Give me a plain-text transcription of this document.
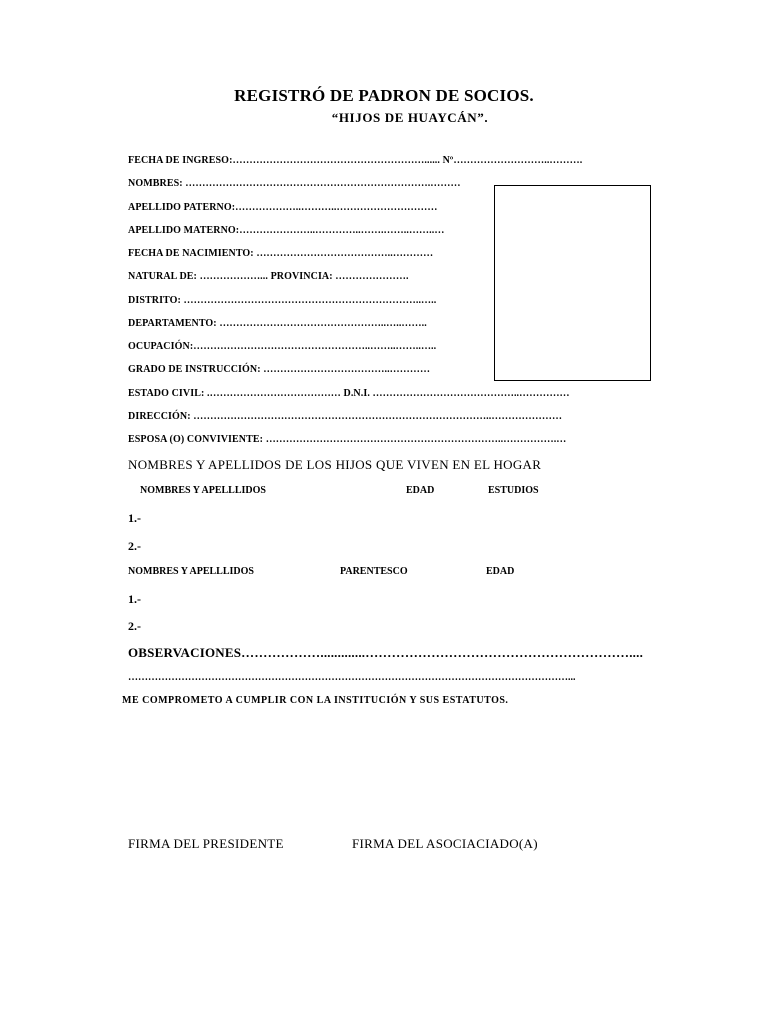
REGISTRÓ DE PADRON DE SOCIOS.
“HIJOS DE HUAYCÁN”.
FECHA DE INGRESO:…………………………………………………...... Nº………………………..……….
NOMBRES: ……………………………………………………………….………
APELLIDO PATERNO:………………..………..…………………………
APELLIDO MATERNO:…………………..…………..…….……..……..…
FECHA DE NACIMIENTO: …………………………………..…………
NATURAL DE: ………………... PROVINCIA: ………………….
DISTRITO: ……………………………………………………………..…..
DEPARTAMENTO: …………………………………………..…..……..
OCUPACIÓN:……………………………………………..……..……..…..
GRADO DE INSTRUCCIÓN: ………………………………..…………
ESTADO CIVIL: .………………………………… D.N.I. ……………………………………..……………
DIRECCIÓN: ……………………………………………………………………………..…………………
ESPOSA (O) CONVIVIENTE: ……………………………………………………………..…………….…
NOMBRES Y APELLIDOS DE LOS HIJOS QUE VIVEN EN EL HOGAR
NOMBRES Y APELLLIDOS	EDAD	ESTUDIOS
1.-
2.-
NOMBRES Y APELLLIDOS	PARENTESCO	EDAD
1.-
2.-
OBSERVACIONES……………….............……………………………………………………....
……………………………………………………………………………………………………………………...
ME COMPROMETO A CUMPLIR CON LA INSTITUCIÓN Y SUS ESTATUTOS.
FIRMA DEL PRESIDENTE	FIRMA DEL ASOCIACIADO(A)
